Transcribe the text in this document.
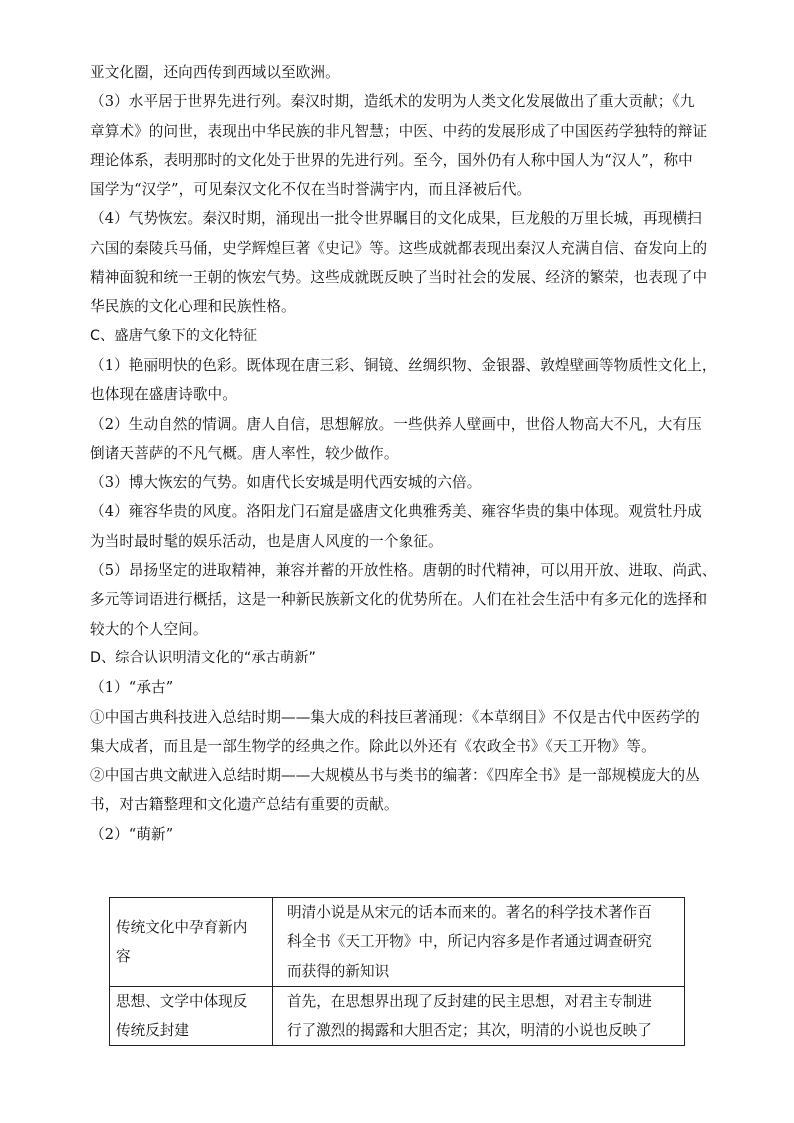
亚文化圈，还向西传到西域以至欧洲。
（3）水平居于世界先进行列。秦汉时期，造纸术的发明为人类文化发展做出了重大贡献；《九
章算术》的问世，表现出中华民族的非凡智慧；中医、中药的发展形成了中国医药学独特的辩证
理论体系，表明那时的文化处于世界的先进行列。至今，国外仍有人称中国人为“汉人”，称中
国学为“汉学”，可见秦汉文化不仅在当时誉满宇内，而且泽被后代。
（4）气势恢宏。秦汉时期，涌现出一批令世界瞩目的文化成果，巨龙般的万里长城，再现横扫
六国的秦陵兵马俑，史学辉煌巨著《史记》等。这些成就都表现出秦汉人充满自信、奋发向上的
精神面貌和统一王朝的恢宏气势。这些成就既反映了当时社会的发展、经济的繁荣，也表现了中
华民族的文化心理和民族性格。
C、盛唐气象下的文化特征
（1）艳丽明快的色彩。既体现在唐三彩、铜镜、丝绸织物、金银器、敦煌壁画等物质性文化上，
也体现在盛唐诗歌中。
（2）生动自然的情调。唐人自信，思想解放。一些供养人壁画中，世俗人物高大不凡，大有压
倒诸天菩萨的不凡气概。唐人率性，较少做作。
（3）博大恢宏的气势。如唐代长安城是明代西安城的六倍。
（4）雍容华贵的风度。洛阳龙门石窟是盛唐文化典雅秀美、雍容华贵的集中体现。观赏牡丹成
为当时最时髦的娱乐活动，也是唐人风度的一个象征。
（5）昂扬坚定的进取精神，兼容并蓄的开放性格。唐朝的时代精神，可以用开放、进取、尚武、
多元等词语进行概括，这是一种新民族新文化的优势所在。人们在社会生活中有多元化的选择和
较大的个人空间。
D、综合认识明清文化的“承古萌新”
（1）“承古”
①中国古典科技进入总结时期——集大成的科技巨著涌现：《本草纲目》不仅是古代中医药学的
集大成者，而且是一部生物学的经典之作。除此以外还有《农政全书》《天工开物》等。
②中国古典文献进入总结时期——大规模丛书与类书的编著：《四库全书》是一部规模庞大的丛
书，对古籍整理和文化遗产总结有重要的贡献。
（2）“萌新”
传统文化中孕育新内
容	明清小说是从宋元的话本而来的。著名的科学技术著作百
科全书《天工开物》中，所记内容多是作者通过调查研究
而获得的新知识

思想、文学中体现反
传统反封建	首先，在思想界出现了反封建的民主思想，对君主专制进
行了激烈的揭露和大胆否定；其次，明清的小说也反映了
